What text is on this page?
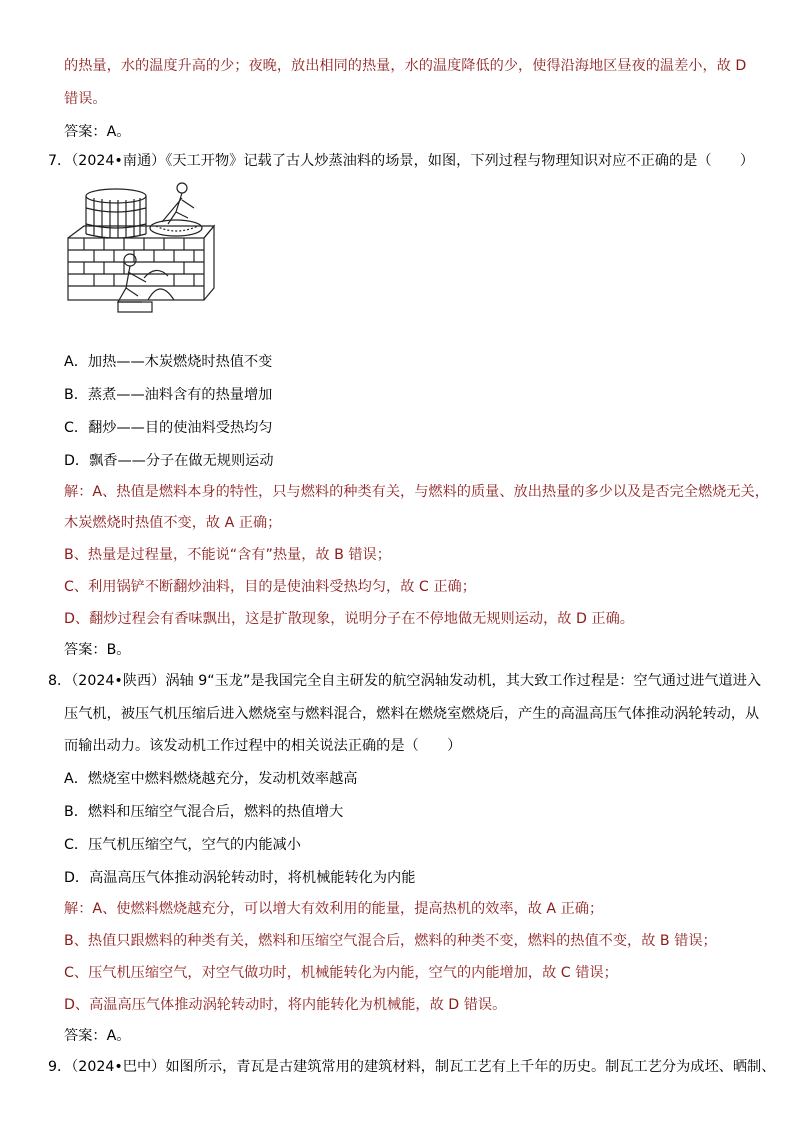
的热量，水的温度升高的少；夜晚，放出相同的热量，水的温度降低的少，使得沿海地区昼夜的温差小，故 D
错误。
答案：A。
7．（2024•南通）《天工开物》记载了古人炒蒸油料的场景，如图，下列过程与物理知识对应不正确的是（　　）
A．加热——木炭燃烧时热值不变
B．蒸煮——油料含有的热量增加
C．翻炒——目的使油料受热均匀
D．飘香——分子在做无规则运动
解：A、热值是燃料本身的特性，只与燃料的种类有关，与燃料的质量、放出热量的多少以及是否完全燃烧无关，
木炭燃烧时热值不变，故 A 正确；
B、热量是过程量，不能说“含有”热量，故 B 错误；
C、利用锅铲不断翻炒油料，目的是使油料受热均匀，故 C 正确；
D、翻炒过程会有香味飘出，这是扩散现象，说明分子在不停地做无规则运动，故 D 正确。
答案：B。
8．（2024•陕西）涡轴 9“玉龙”是我国完全自主研发的航空涡轴发动机，其大致工作过程是：空气通过进气道进入
压气机，被压气机压缩后进入燃烧室与燃料混合，燃料在燃烧室燃烧后，产生的高温高压气体推动涡轮转动，从
而输出动力。该发动机工作过程中的相关说法正确的是（　　）
A．燃烧室中燃料燃烧越充分，发动机效率越高
B．燃料和压缩空气混合后，燃料的热值增大
C．压气机压缩空气，空气的内能减小
D．高温高压气体推动涡轮转动时，将机械能转化为内能
解：A、使燃料燃烧越充分，可以增大有效利用的能量，提高热机的效率，故 A 正确；
B、热值只跟燃料的种类有关，燃料和压缩空气混合后，燃料的种类不变，燃料的热值不变，故 B 错误；
C、压气机压缩空气，对空气做功时，机械能转化为内能，空气的内能增加，故 C 错误；
D、高温高压气体推动涡轮转动时，将内能转化为机械能，故 D 错误。
答案：A。
9．（2024•巴中）如图所示，青瓦是古建筑常用的建筑材料，制瓦工艺有上千年的历史。制瓦工艺分为成坯、晒制、
